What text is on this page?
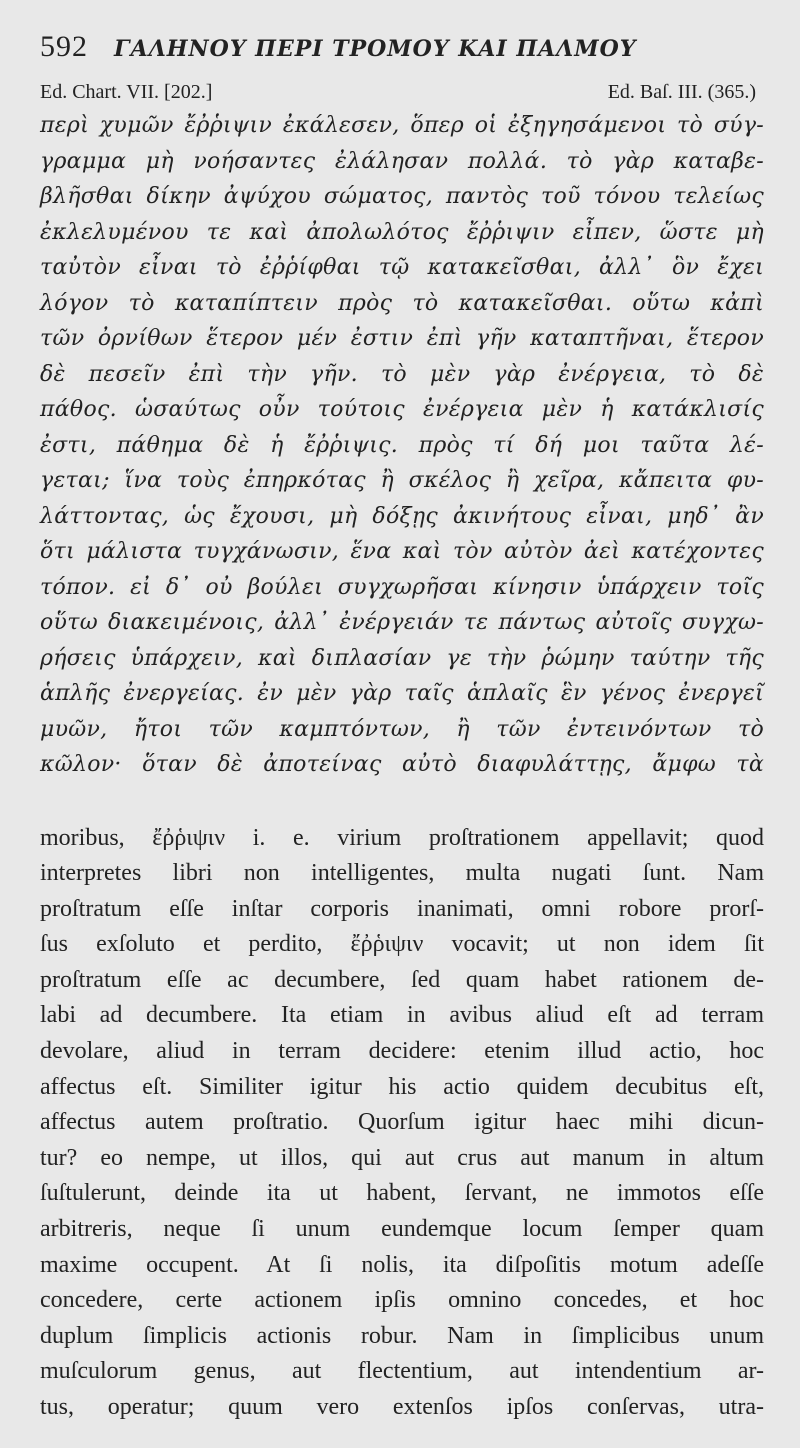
592 ΓΑΛΗΝΟΥ ΠΕΡΙ ΤΡΟΜΟΥ ΚΑΙ ΠΑΛΜΟΥ
Ed. Chart. VII. [202.]	Ed. Baſ. III. (365.)
περὶ χυμῶν ἔῤῥιψιν ἐκάλεσεν, ὅπερ οἱ ἐξηγησάμενοι τὸ σύγ-
γραμμα μὴ νοήσαντες ἐλάλησαν πολλά. τὸ γὰρ καταβε-
βλῆσθαι δίκην ἀψύχου σώματος, παντὸς τοῦ τόνου τελείως
ἐκλελυμένου τε καὶ ἀπολωλότος ἔῤῥιψιν εἶπεν, ὥστε μὴ
ταὐτὸν εἶναι τὸ ἐῤῥίφθαι τῷ κατακεῖσθαι, ἀλλ᾽ ὃν ἔχει
λόγον τὸ καταπίπτειν πρὸς τὸ κατακεῖσθαι. οὕτω κἀπὶ
τῶν ὀρνίθων ἕτερον μέν ἐστιν ἐπὶ γῆν καταπτῆναι, ἕτερον
δὲ πεσεῖν ἐπὶ τὴν γῆν. τὸ μὲν γὰρ ἐνέργεια, τὸ δὲ
πάθος. ὡσαύτως οὖν τούτοις ἐνέργεια μὲν ἡ κατάκλισίς
ἐστι, πάθημα δὲ ἡ ἔῤῥιψις. πρὸς τί δή μοι ταῦτα λέ-
γεται; ἵνα τοὺς ἐπηρκότας ἢ σκέλος ἢ χεῖρα, κἄπειτα φυ-
λάττοντας, ὡς ἔχουσι, μὴ δόξῃς ἀκινήτους εἶναι, μηδ᾽ ἂν
ὅτι μάλιστα τυγχάνωσιν, ἕνα καὶ τὸν αὐτὸν ἀεὶ κατέχοντες
τόπον. εἰ δ᾽ οὐ βούλει συγχωρῆσαι κίνησιν ὑπάρχειν τοῖς
οὕτω διακειμένοις, ἀλλ᾽ ἐνέργειάν τε πάντως αὐτοῖς συγχω-
ρήσεις ὑπάρχειν, καὶ διπλασίαν γε τὴν ῥώμην ταύτην τῆς
ἁπλῆς ἐνεργείας. ἐν μὲν γὰρ ταῖς ἁπλαῖς ἓν γένος ἐνεργεῖ
μυῶν, ἤτοι τῶν καμπτόντων, ἢ τῶν ἐντεινόντων τὸ
κῶλον· ὅταν δὲ ἀποτείνας αὐτὸ διαφυλάττῃς, ἄμφω τὰ
moribus, ἔῤῥιψιν i. e. virium proſtrationem appellavit; quod
interpretes libri non intelligentes, multa nugati ſunt. Nam
proſtratum eſſe inſtar corporis inanimati, omni robore prorſ-
ſus exſoluto et perdito, ἔῤῥιψιν vocavit; ut non idem ſit
proſtratum eſſe ac decumbere, ſed quam habet rationem de-
labi ad decumbere. Ita etiam in avibus aliud eſt ad terram
devolare, aliud in terram decidere: etenim illud actio, hoc
affectus eſt. Similiter igitur his actio quidem decubitus eſt,
affectus autem proſtratio. Quorſum igitur haec mihi dicun-
tur? eo nempe, ut illos, qui aut crus aut manum in altum
ſuſtulerunt, deinde ita ut habent, ſervant, ne immotos eſſe
arbitreris, neque ſi unum eundemque locum ſemper quam
maxime occupent. At ſi nolis, ita diſpoſitis motum adeſſe
concedere, certe actionem ipſis omnino concedes, et hoc
duplum ſimplicis actionis robur. Nam in ſimplicibus unum
muſculorum genus, aut flectentium, aut intendentium ar-
tus, operatur; quum vero extenſos ipſos conſervas, utra-
